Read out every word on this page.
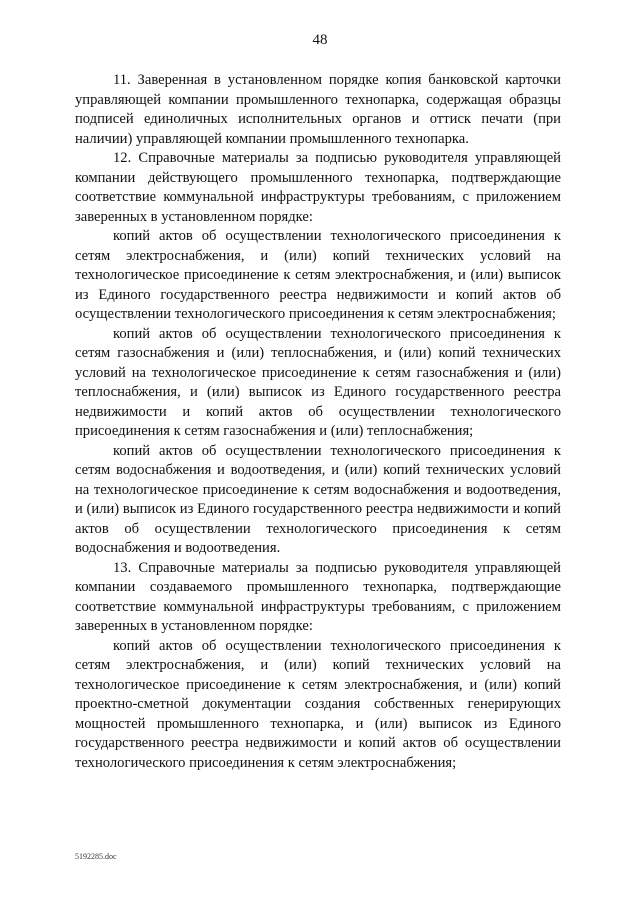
48

11. Заверенная в установленном порядке копия банковской карточки управляющей компании промышленного технопарка, содержащая образцы подписей единоличных исполнительных органов и оттиск печати (при наличии) управляющей компании промышленного технопарка.

12. Справочные материалы за подписью руководителя управляющей компании действующего промышленного технопарка, подтверждающие соответствие коммунальной инфраструктуры требованиям, с приложением заверенных в установленном порядке:

копий актов об осуществлении технологического присоединения к сетям электроснабжения, и (или) копий технических условий на технологическое присоединение к сетям электроснабжения, и (или) выписок из Единого государственного реестра недвижимости и копий актов об осуществлении технологического присоединения к сетям электроснабжения;

копий актов об осуществлении технологического присоединения к сетям газоснабжения и (или) теплоснабжения, и (или) копий технических условий на технологическое присоединение к сетям газоснабжения и (или) теплоснабжения, и (или) выписок из Единого государственного реестра недвижимости и копий актов об осуществлении технологического присоединения к сетям газоснабжения и (или) теплоснабжения;

копий актов об осуществлении технологического присоединения к сетям водоснабжения и водоотведения, и (или) копий технических условий на технологическое присоединение к сетям водоснабжения и водоотведения, и (или) выписок из Единого государственного реестра недвижимости и копий актов об осуществлении технологического присоединения к сетям водоснабжения и водоотведения.

13. Справочные материалы за подписью руководителя управляющей компании создаваемого промышленного технопарка, подтверждающие соответствие коммунальной инфраструктуры требованиям, с приложением заверенных в установленном порядке:

копий актов об осуществлении технологического присоединения к сетям электроснабжения, и (или) копий технических условий на технологическое присоединение к сетям электроснабжения, и (или) копий проектно-сметной документации создания собственных генерирующих мощностей промышленного технопарка, и (или) выписок из Единого государственного реестра недвижимости и копий актов об осуществлении технологического присоединения к сетям электроснабжения;

5192285.doc
